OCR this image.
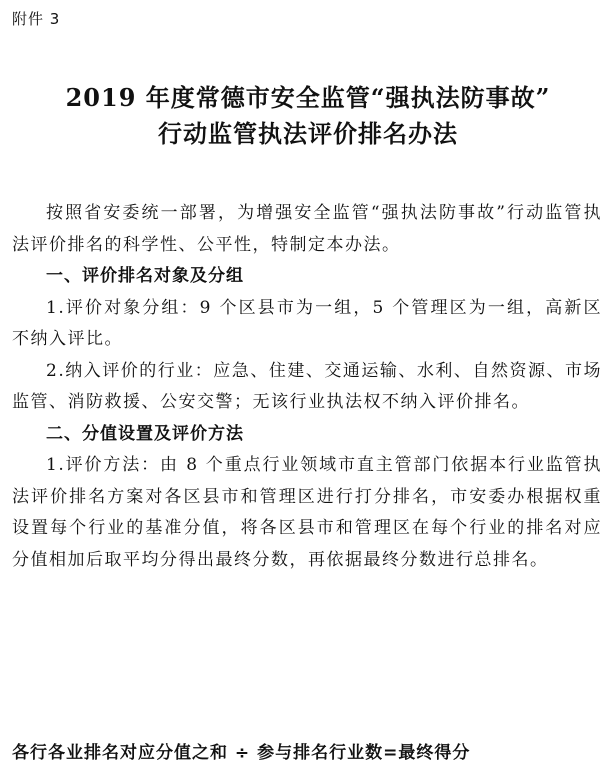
附件 3
2019 年度常德市安全监管“强执法防事故”
行动监管执法评价排名办法

按照省安委统一部署，为增强安全监管“强执法防事故”行动监管执法评价排名的科学性、公平性，特制定本办法。

一、评价排名对象及分组

1.评价对象分组：9 个区县市为一组，5 个管理区为一组，高新区不纳入评比。

2.纳入评价的行业：应急、住建、交通运输、水利、自然资源、市场监管、消防救援、公安交警；无该行业执法权不纳入评价排名。

二、分值设置及评价方法

1.评价方法：由 8 个重点行业领域市直主管部门依据本行业监管执法评价排名方案对各区县市和管理区进行打分排名，市安委办根据权重设置每个行业的基准分值，将各区县市和管理区在每个行业的排名对应分值相加后取平均分得出最终分数，再依据最终分数进行总排名。

各行各业排名对应分值之和 ÷ 参与排名行业数=最终得分
